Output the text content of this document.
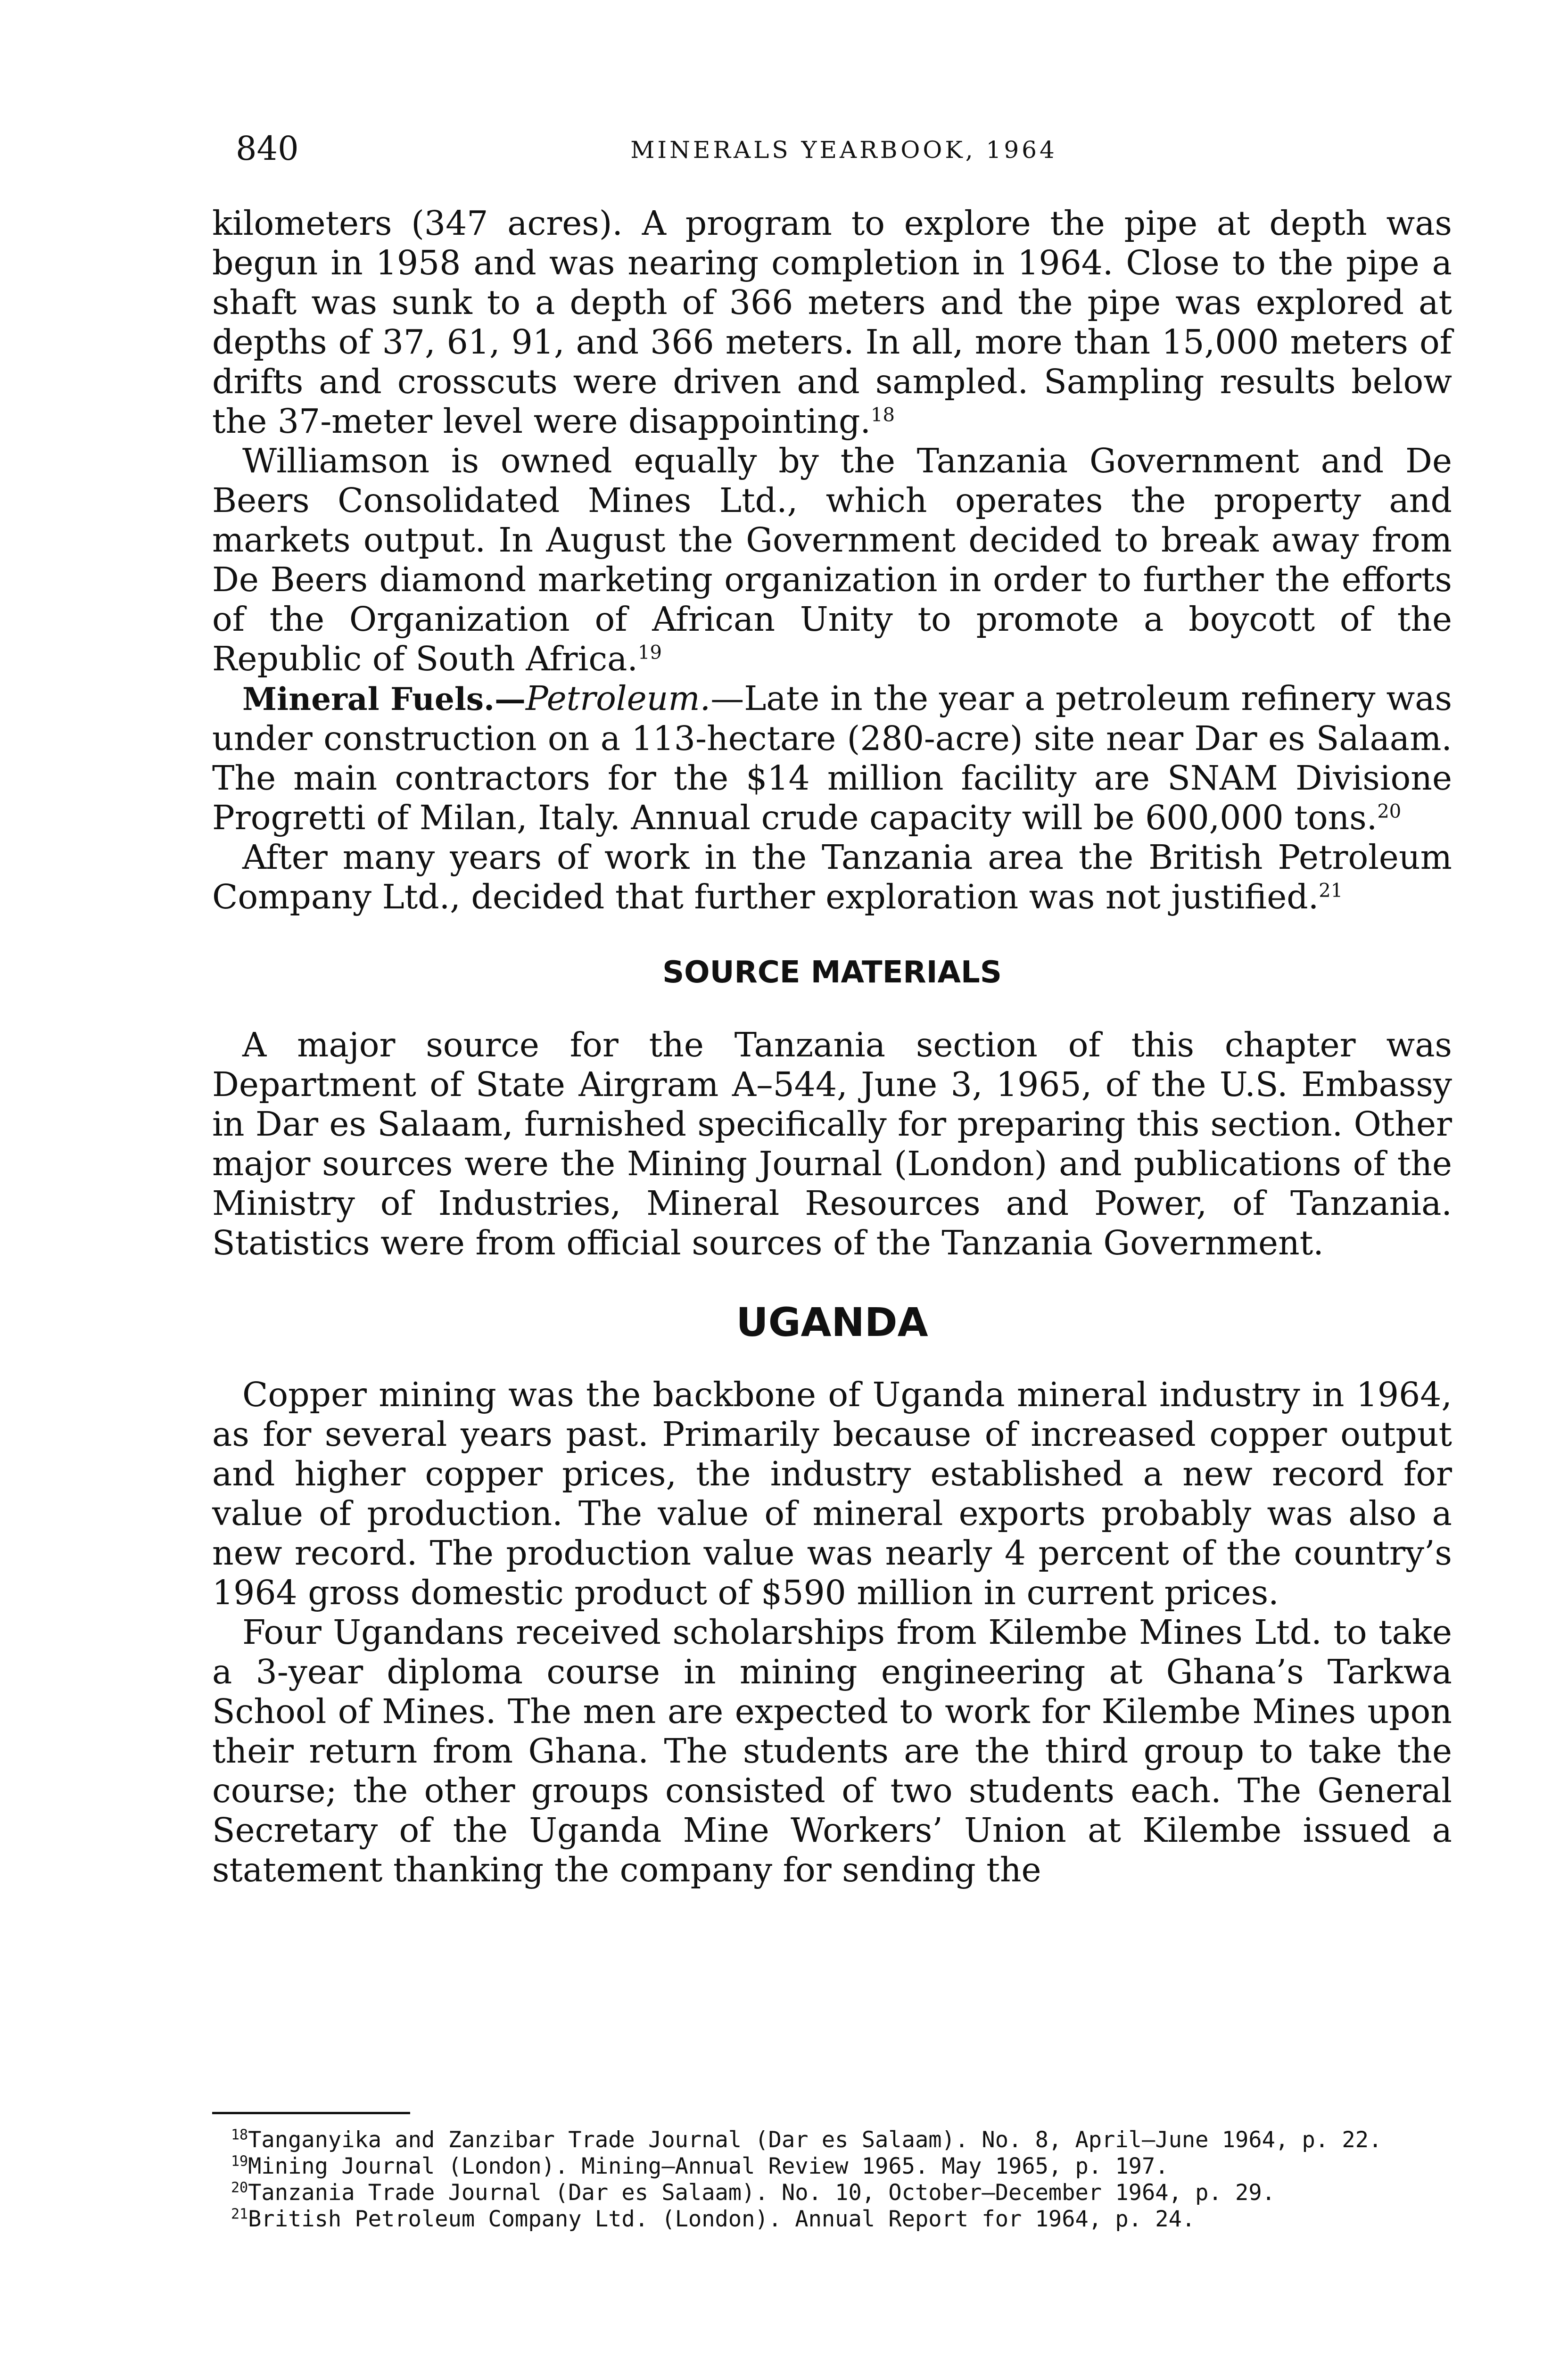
840	MINERALS YEARBOOK, 1964

kilometers (347 acres). A program to explore the pipe at depth was begun in 1958 and was nearing completion in 1964. Close to the pipe a shaft was sunk to a depth of 366 meters and the pipe was explored at depths of 37, 61, 91, and 366 meters. In all, more than 15,000 meters of drifts and crosscuts were driven and sampled. Sampling results below the 37-meter level were disappointing.$^{18}$

Williamson is owned equally by the Tanzania Government and De Beers Consolidated Mines Ltd., which operates the property and markets output. In August the Government decided to break away from De Beers diamond marketing organization in order to further the efforts of the Organization of African Unity to promote a boycott of the Republic of South Africa.$^{19}$

Mineral Fuels.—Petroleum.—Late in the year a petroleum refinery was under construction on a 113-hectare (280-acre) site near Dar es Salaam. The main contractors for the $14 million facility are SNAM Divisione Progretti of Milan, Italy. Annual crude capacity will be 600,000 tons.$^{20}$

After many years of work in the Tanzania area the British Petroleum Company Ltd., decided that further exploration was not justified.$^{21}$

SOURCE MATERIALS

A major source for the Tanzania section of this chapter was Department of State Airgram A–544, June 3, 1965, of the U.S. Embassy in Dar es Salaam, furnished specifically for preparing this section. Other major sources were the Mining Journal (London) and publications of the Ministry of Industries, Mineral Resources and Power, of Tanzania. Statistics were from official sources of the Tanzania Government.

UGANDA

Copper mining was the backbone of Uganda mineral industry in 1964, as for several years past. Primarily because of increased copper output and higher copper prices, the industry established a new record for value of production. The value of mineral exports probably was also a new record. The production value was nearly 4 percent of the country’s 1964 gross domestic product of $590 million in current prices.

Four Ugandans received scholarships from Kilembe Mines Ltd. to take a 3-year diploma course in mining engineering at Ghana’s Tarkwa School of Mines. The men are expected to work for Kilembe Mines upon their return from Ghana. The students are the third group to take the course; the other groups consisted of two students each. The General Secretary of the Uganda Mine Workers’ Union at Kilembe issued a statement thanking the company for sending the

$^{18}$Tanganyika and Zanzibar Trade Journal (Dar es Salaam). No. 8, April–June 1964, p. 22.

$^{19}$Mining Journal (London). Mining—Annual Review 1965. May 1965, p. 197.

$^{20}$Tanzania Trade Journal (Dar es Salaam). No. 10, October–December 1964, p. 29.

$^{21}$British Petroleum Company Ltd. (London). Annual Report for 1964, p. 24.
